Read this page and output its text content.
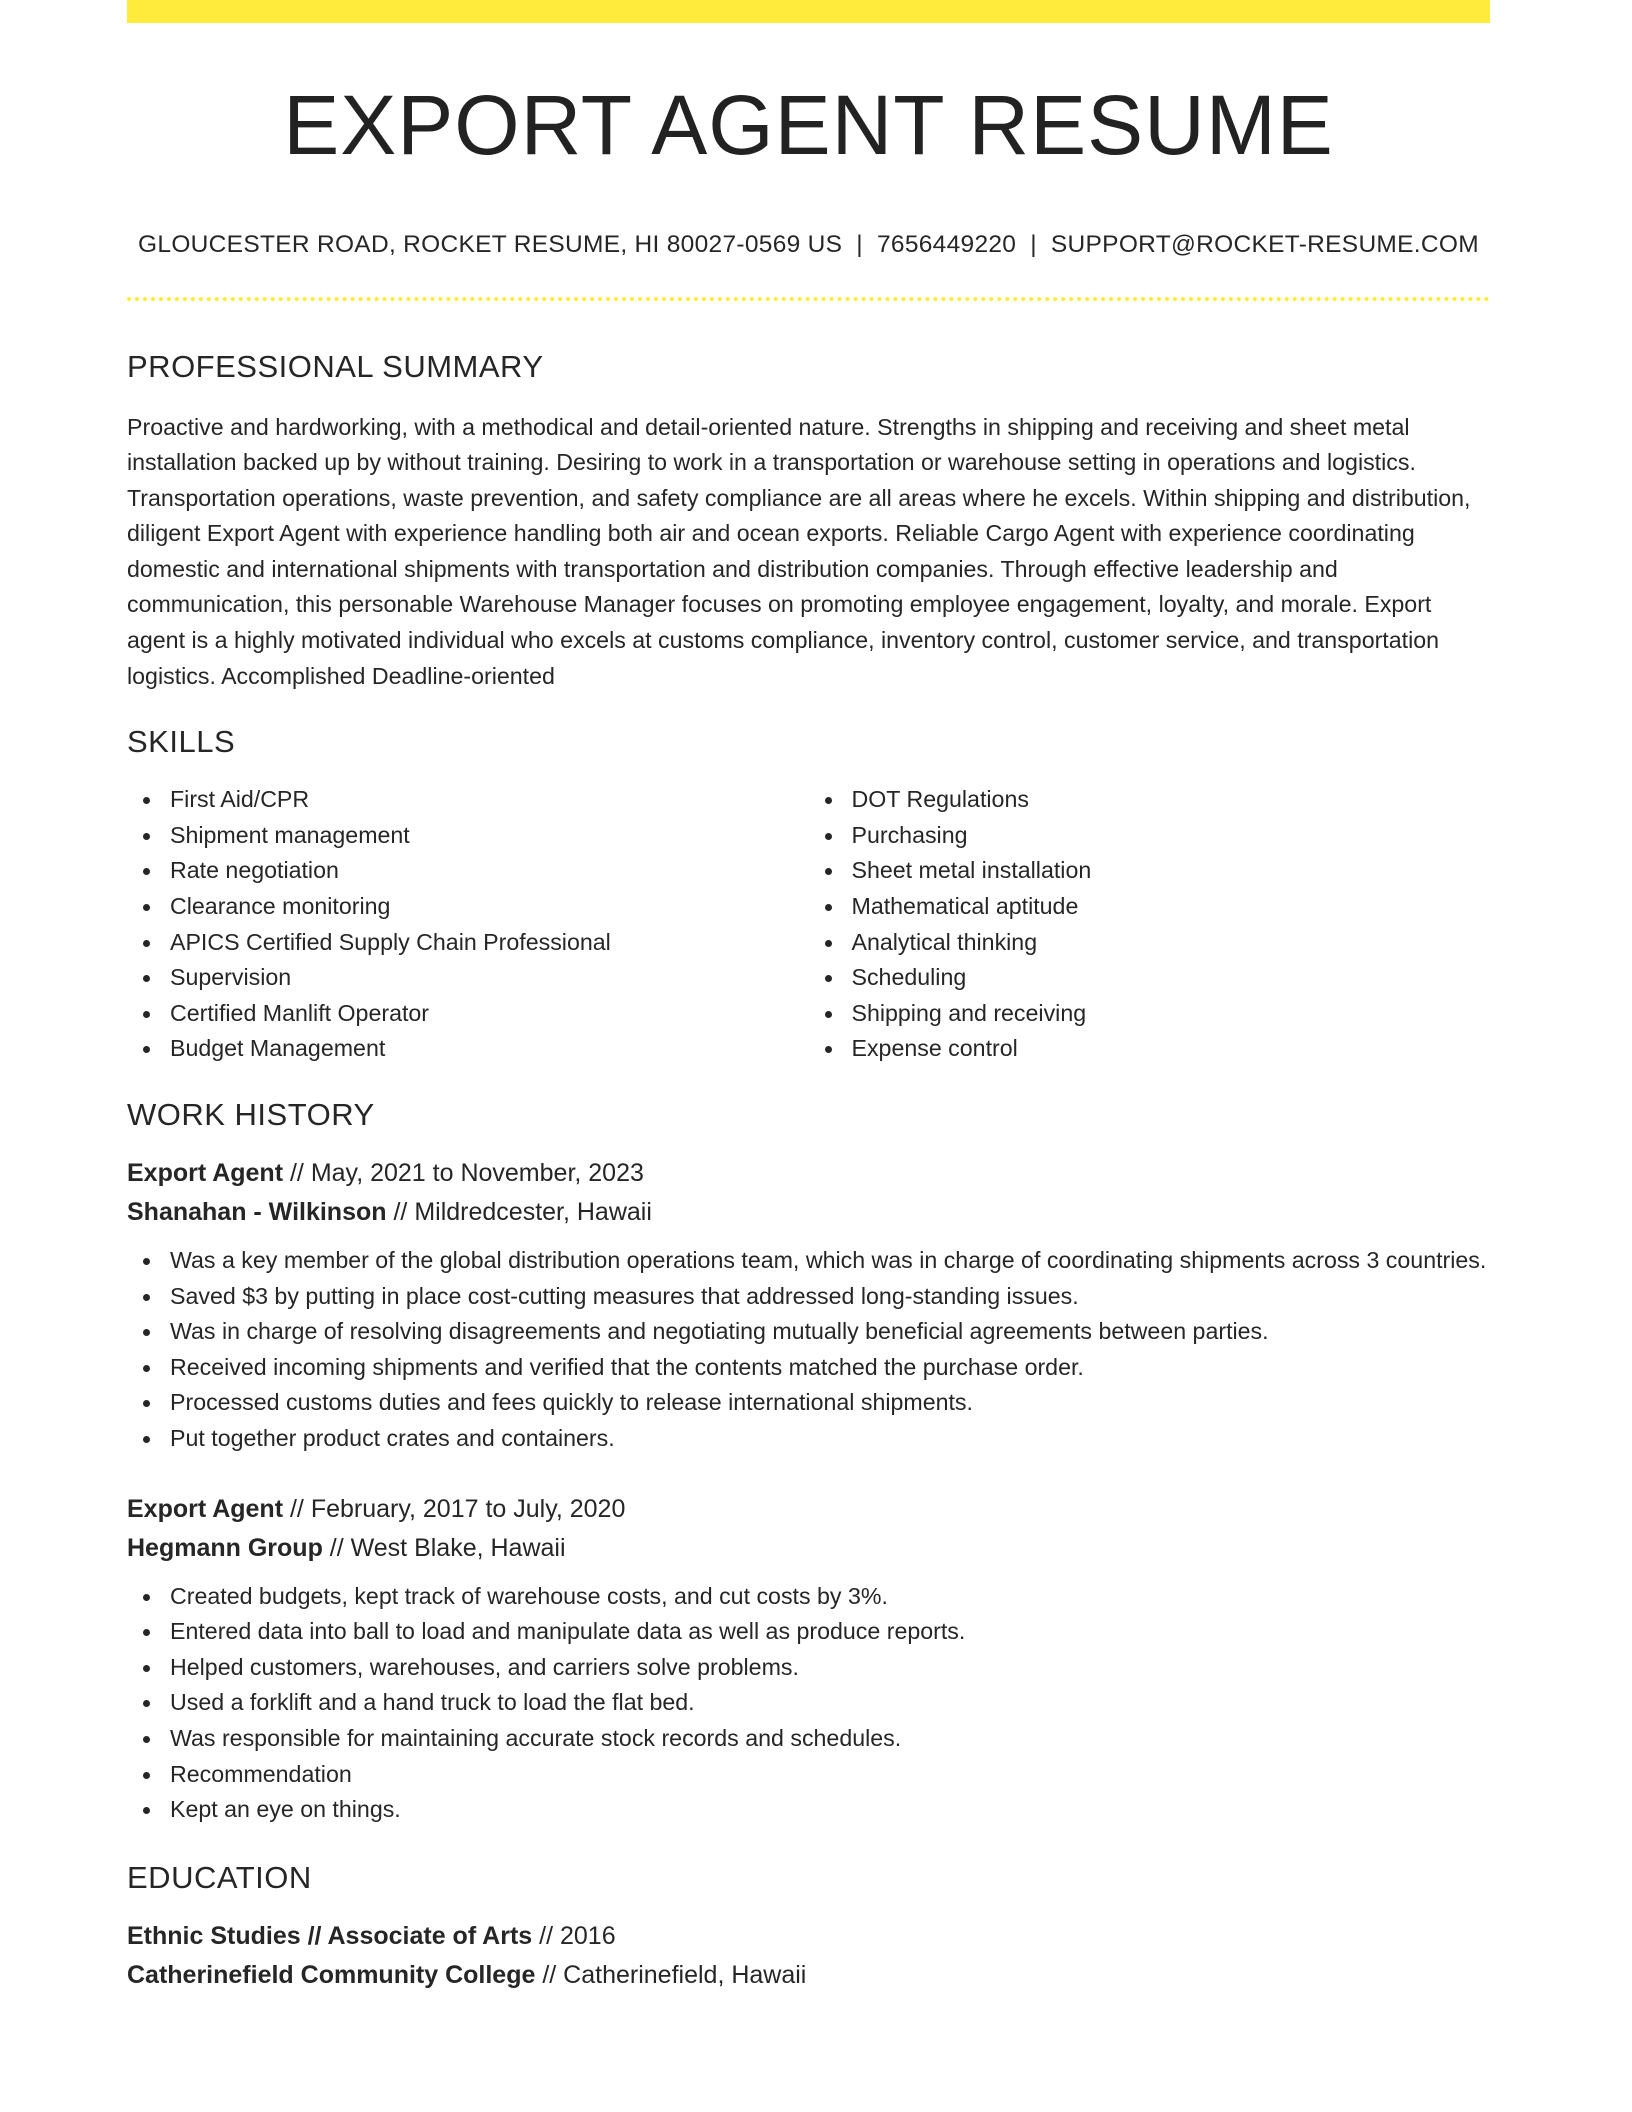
EXPORT AGENT RESUME
GLOUCESTER ROAD, ROCKET RESUME, HI 80027-0569 US | 7656449220 | SUPPORT@ROCKET-RESUME.COM
PROFESSIONAL SUMMARY

Proactive and hardworking, with a methodical and detail-oriented nature. Strengths in shipping and receiving and sheet metal installation backed up by without training. Desiring to work in a transportation or warehouse setting in operations and logistics. Transportation operations, waste prevention, and safety compliance are all areas where he excels. Within shipping and distribution, diligent Export Agent with experience handling both air and ocean exports. Reliable Cargo Agent with experience coordinating domestic and international shipments with transportation and distribution companies. Through effective leadership and communication, this personable Warehouse Manager focuses on promoting employee engagement, loyalty, and morale. Export agent is a highly motivated individual who excels at customs compliance, inventory control, customer service, and transportation logistics. Accomplished Deadline-oriented

SKILLS
First Aid/CPR
Shipment management
Rate negotiation
Clearance monitoring
APICS Certified Supply Chain Professional
Supervision
Certified Manlift Operator
Budget Management
DOT Regulations
Purchasing
Sheet metal installation
Mathematical aptitude
Analytical thinking
Scheduling
Shipping and receiving
Expense control
WORK HISTORY
Export Agent // May, 2021 to November, 2023
Shanahan - Wilkinson // Mildredcester, Hawaii
Was a key member of the global distribution operations team, which was in charge of coordinating shipments across 3 countries.
Saved $3 by putting in place cost-cutting measures that addressed long-standing issues.
Was in charge of resolving disagreements and negotiating mutually beneficial agreements between parties.
Received incoming shipments and verified that the contents matched the purchase order.
Processed customs duties and fees quickly to release international shipments.
Put together product crates and containers.
Export Agent // February, 2017 to July, 2020
Hegmann Group // West Blake, Hawaii
Created budgets, kept track of warehouse costs, and cut costs by 3%.
Entered data into ball to load and manipulate data as well as produce reports.
Helped customers, warehouses, and carriers solve problems.
Used a forklift and a hand truck to load the flat bed.
Was responsible for maintaining accurate stock records and schedules.
Recommendation
Kept an eye on things.
EDUCATION
Ethnic Studies // Associate of Arts // 2016
Catherinefield Community College // Catherinefield, Hawaii
